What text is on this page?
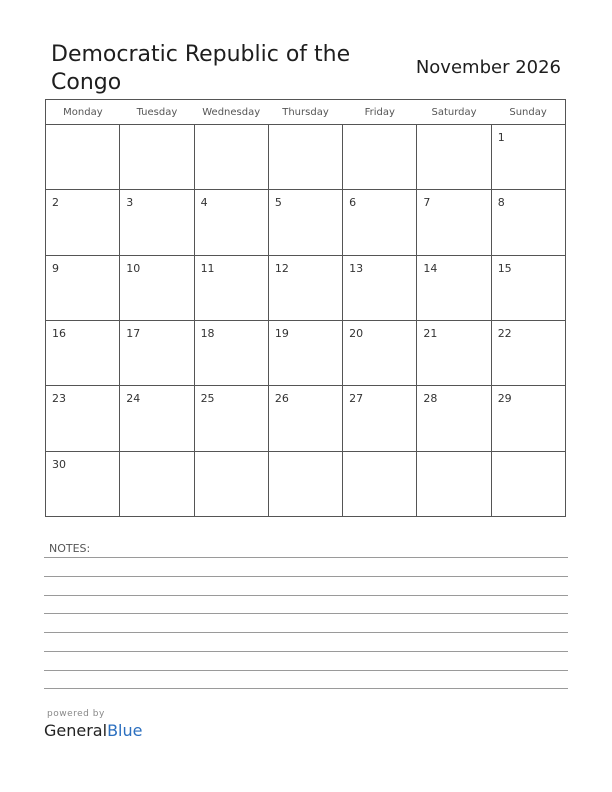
Democratic Republic of the Congo
November 2026
Monday	Tuesday	Wednesday	Thursday	Friday	Saturday	Sunday

						1

2	3	4	5	6	7	8

9	10	11	12	13	14	15

16	17	18	19	20	21	22

23	24	25	26	27	28	29

30						

NOTES:
powered by
GeneralBlue
